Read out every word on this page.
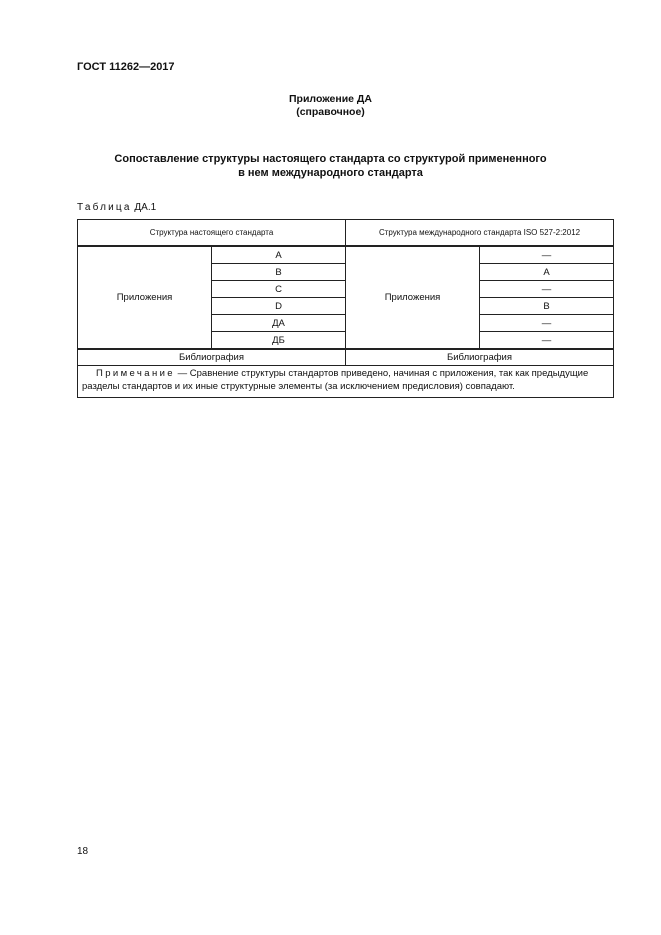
ГОСТ 11262—2017
Приложение ДА
(справочное)
Сопоставление структуры настоящего стандарта со структурой примененного
в нем международного стандарта
Таблица ДА.1
Структура настоящего стандарта		Структура международного стандарта ISO 527-2:2012	
Приложения	А	Приложения	—
	В		А
	С		—
	D		В
	ДА		—
	ДБ		—
Библиография		Библиография	
Примечание — Сравнение структуры стандартов приведено, начиная с приложения, так как предыдущие разделы стандартов и их иные структурные элементы (за исключением предисловия) совпадают.			
18
